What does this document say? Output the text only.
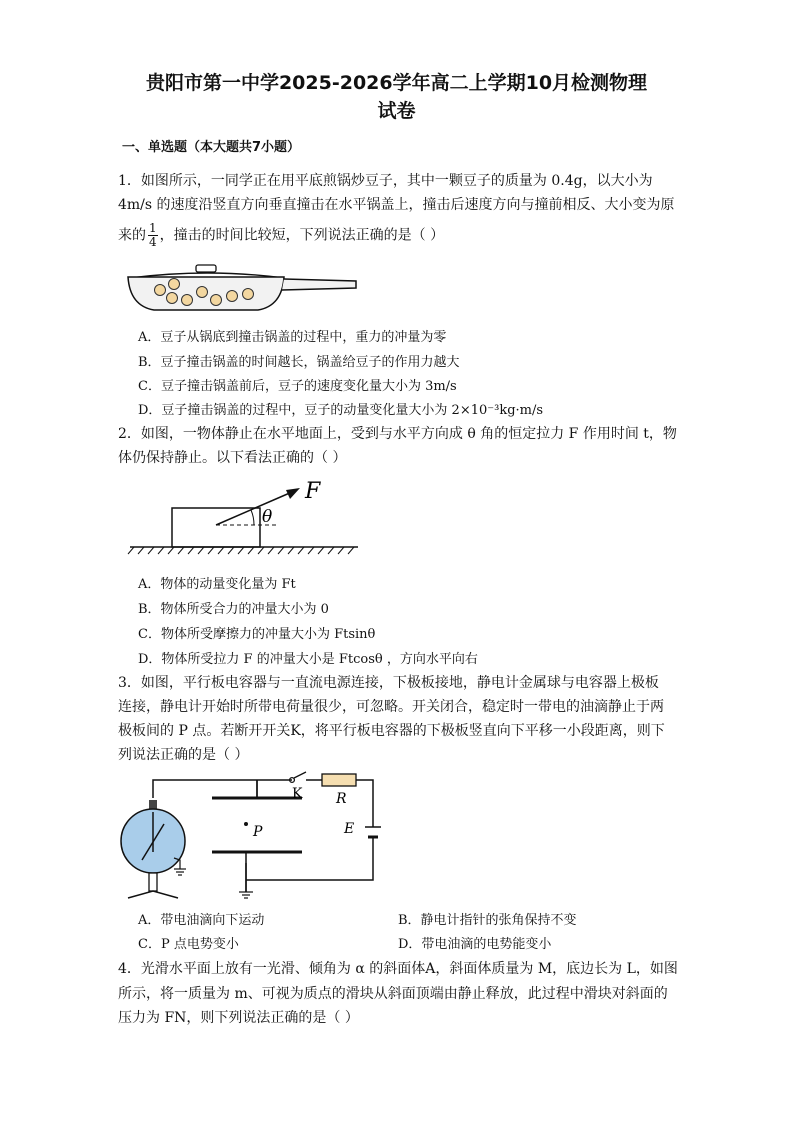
贵阳市第一中学2025-2026学年高二上学期10月检测物理
试卷
一、单选题（本大题共7小题）
1．如图所示，一同学正在用平底煎锅炒豆子，其中一颗豆子的质量为 0.4g，以大小为
4m/s 的速度沿竖直方向垂直撞击在水平锅盖上，撞击后速度方向与撞前相反、大小变为原
来的 $\frac{1}{4}$ ，撞击的时间比较短，下列说法正确的是（ ）
A．豆子从锅底到撞击锅盖的过程中，重力的冲量为零
B．豆子撞击锅盖的时间越长，锅盖给豆子的作用力越大
C．豆子撞击锅盖前后，豆子的速度变化量大小为 3m/s
D．豆子撞击锅盖的过程中，豆子的动量变化量大小为 2×10⁻³kg·m/s
2．如图，一物体静止在水平地面上，受到与水平方向成 θ 角的恒定拉力 F 作用时间 t，物
体仍保持静止。以下看法正确的（ ）
F
θ
A．物体的动量变化量为 Ft
B．物体所受合力的冲量大小为 0
C．物体所受摩擦力的冲量大小为 Ftsinθ
D．物体所受拉力 F 的冲量大小是 Ftcosθ ，方向水平向右
3．如图，平行板电容器与一直流电源连接，下极板接地，静电计金属球与电容器上极板
连接，静电计开始时所带电荷量很少，可忽略。开关闭合，稳定时一带电的油滴静止于两
极板间的 P 点。若断开开关K，将平行板电容器的下极板竖直向下平移一小段距离，则下
列说法正确的是（ ）
K R
E
P
A．带电油滴向下运动	B．静电计指针的张角保持不变
C．P 点电势变小	D．带电油滴的电势能变小
4．光滑水平面上放有一光滑、倾角为 α 的斜面体A，斜面体质量为 M，底边长为 L，如图
所示，将一质量为 m、可视为质点的滑块从斜面顶端由静止释放，此过程中滑块对斜面的
压力为 FN，则下列说法正确的是（ ）
